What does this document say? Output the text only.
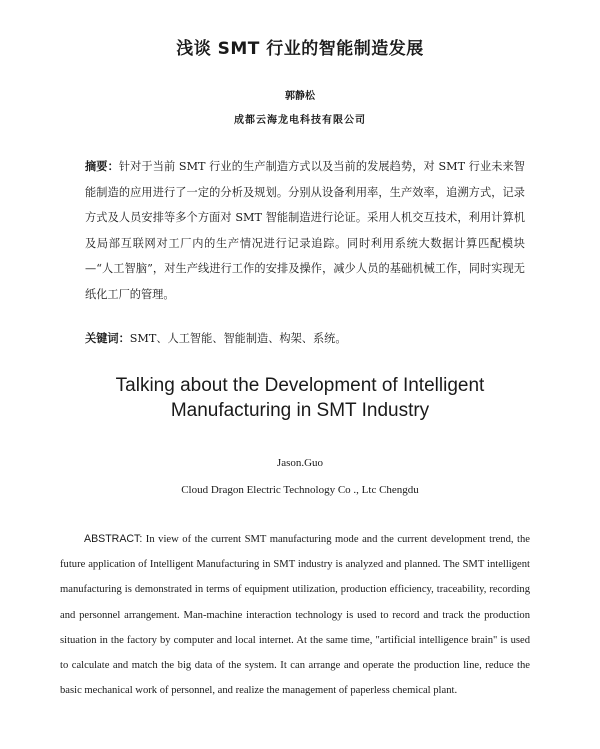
浅谈 SMT 行业的智能制造发展
郭静松
成都云海龙电科技有限公司
摘要：针对于当前 SMT 行业的生产制造方式以及当前的发展趋势，对 SMT 行业未来智能制造的应用进行了一定的分析及规划。分别从设备利用率，生产效率，追溯方式，记录方式及人员安排等多个方面对 SMT 智能制造进行论证。采用人机交互技术，利用计算机及局部互联网对工厂内的生产情况进行记录追踪。同时利用系统大数据计算匹配模块—“人工智脑”，对生产线进行工作的安排及操作，减少人员的基础机械工作，同时实现无纸化工厂的管理。
关键词：SMT、人工智能、智能制造、构架、系统。
Talking about the Development of Intelligent
Manufacturing in SMT Industry
Jason.Guo
Cloud Dragon Electric Technology Co ., Ltc Chengdu
ABSTRACT: In view of the current SMT manufacturing mode and the current development trend, the future application of Intelligent Manufacturing in SMT industry is analyzed and planned. The SMT intelligent manufacturing is demonstrated in terms of equipment utilization, production efficiency, traceability, recording and personnel arrangement. Man-machine interaction technology is used to record and track the production situation in the factory by computer and local internet. At the same time, "artificial intelligence brain" is used to calculate and match the big data of the system. It can arrange and operate the production line, reduce the basic mechanical work of personnel, and realize the management of paperless chemical plant.
